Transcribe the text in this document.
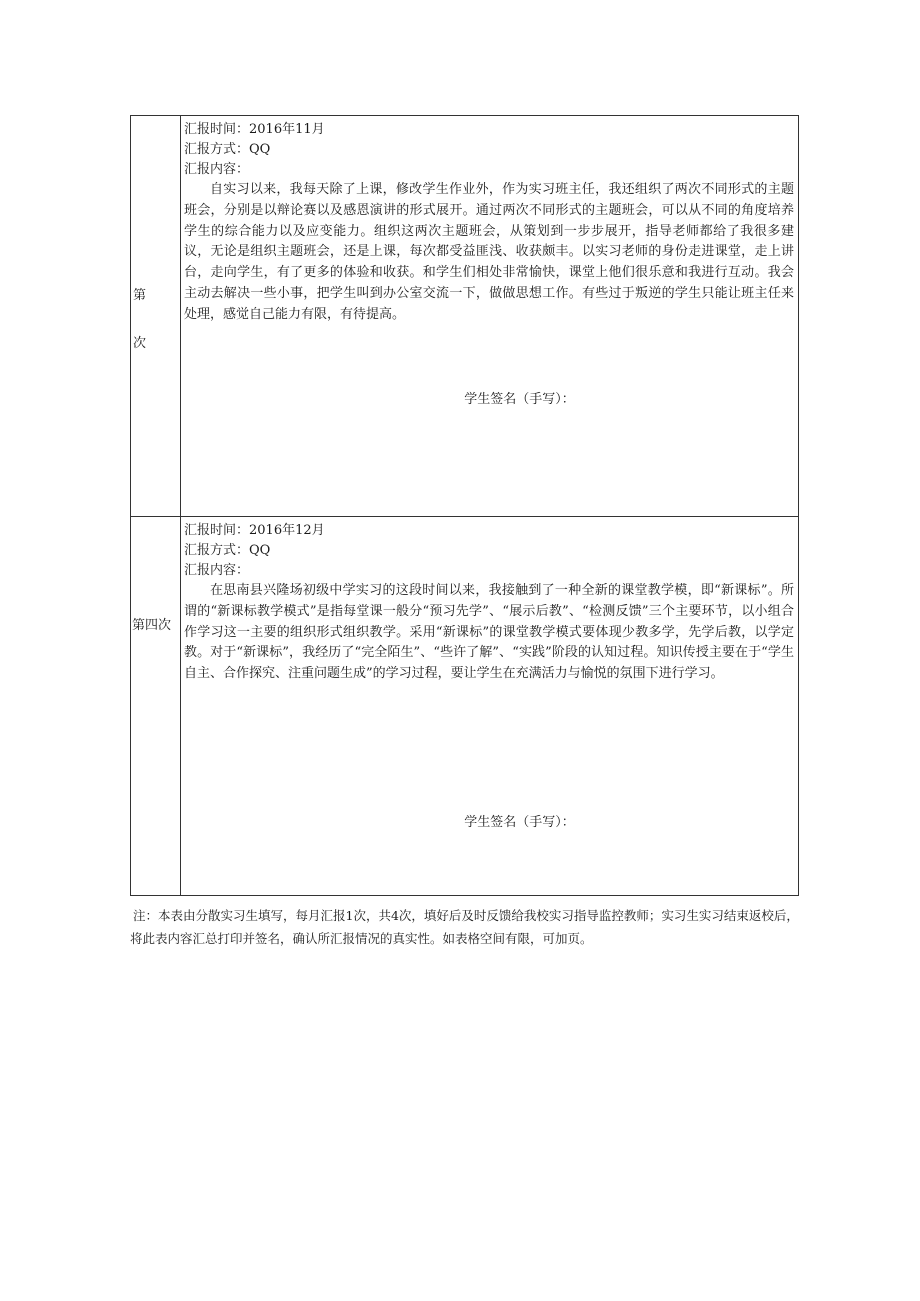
第
次
汇报时间：2016年11月
汇报方式：QQ
汇报内容：

自实习以来，我每天除了上课，修改学生作业外，作为实习班主任，我还组织了两次不同形式的主题班会，分别是以辩论赛以及感恩演讲的形式展开。通过两次不同形式的主题班会，可以从不同的角度培养学生的综合能力以及应变能力。组织这两次主题班会，从策划到一步步展开，指导老师都给了我很多建议，无论是组织主题班会，还是上课，每次都受益匪浅、收获颇丰。以实习老师的身份走进课堂，走上讲台，走向学生，有了更多的体验和收获。和学生们相处非常愉快，课堂上他们很乐意和我进行互动。我会主动去解决一些小事，把学生叫到办公室交流一下，做做思想工作。有些过于叛逆的学生只能让班主任来处理，感觉自己能力有限，有待提高。

学生签名（手写）：
第四次
汇报时间：2016年12月
汇报方式：QQ
汇报内容：

在思南县兴隆场初级中学实习的这段时间以来，我接触到了一种全新的课堂教学模，即“新课标”。所谓的“新课标教学模式”是指每堂课一般分“预习先学”、“展示后教”、“检测反馈”三个主要环节，以小组合作学习这一主要的组织形式组织教学。采用“新课标”的课堂教学模式要体现少教多学，先学后教，以学定教。对于“新课标”，我经历了“完全陌生”、“些许了解”、“实践”阶段的认知过程。知识传授主要在于“学生自主、合作探究、注重问题生成”的学习过程，要让学生在充满活力与愉悦的氛围下进行学习。

学生签名（手写）：
注：本表由分散实习生填写，每月汇报1次，共4次，填好后及时反馈给我校实习指导监控教师；实习生实习结束返校后，将此表内容汇总打印并签名，确认所汇报情况的真实性。如表格空间有限，可加页。
